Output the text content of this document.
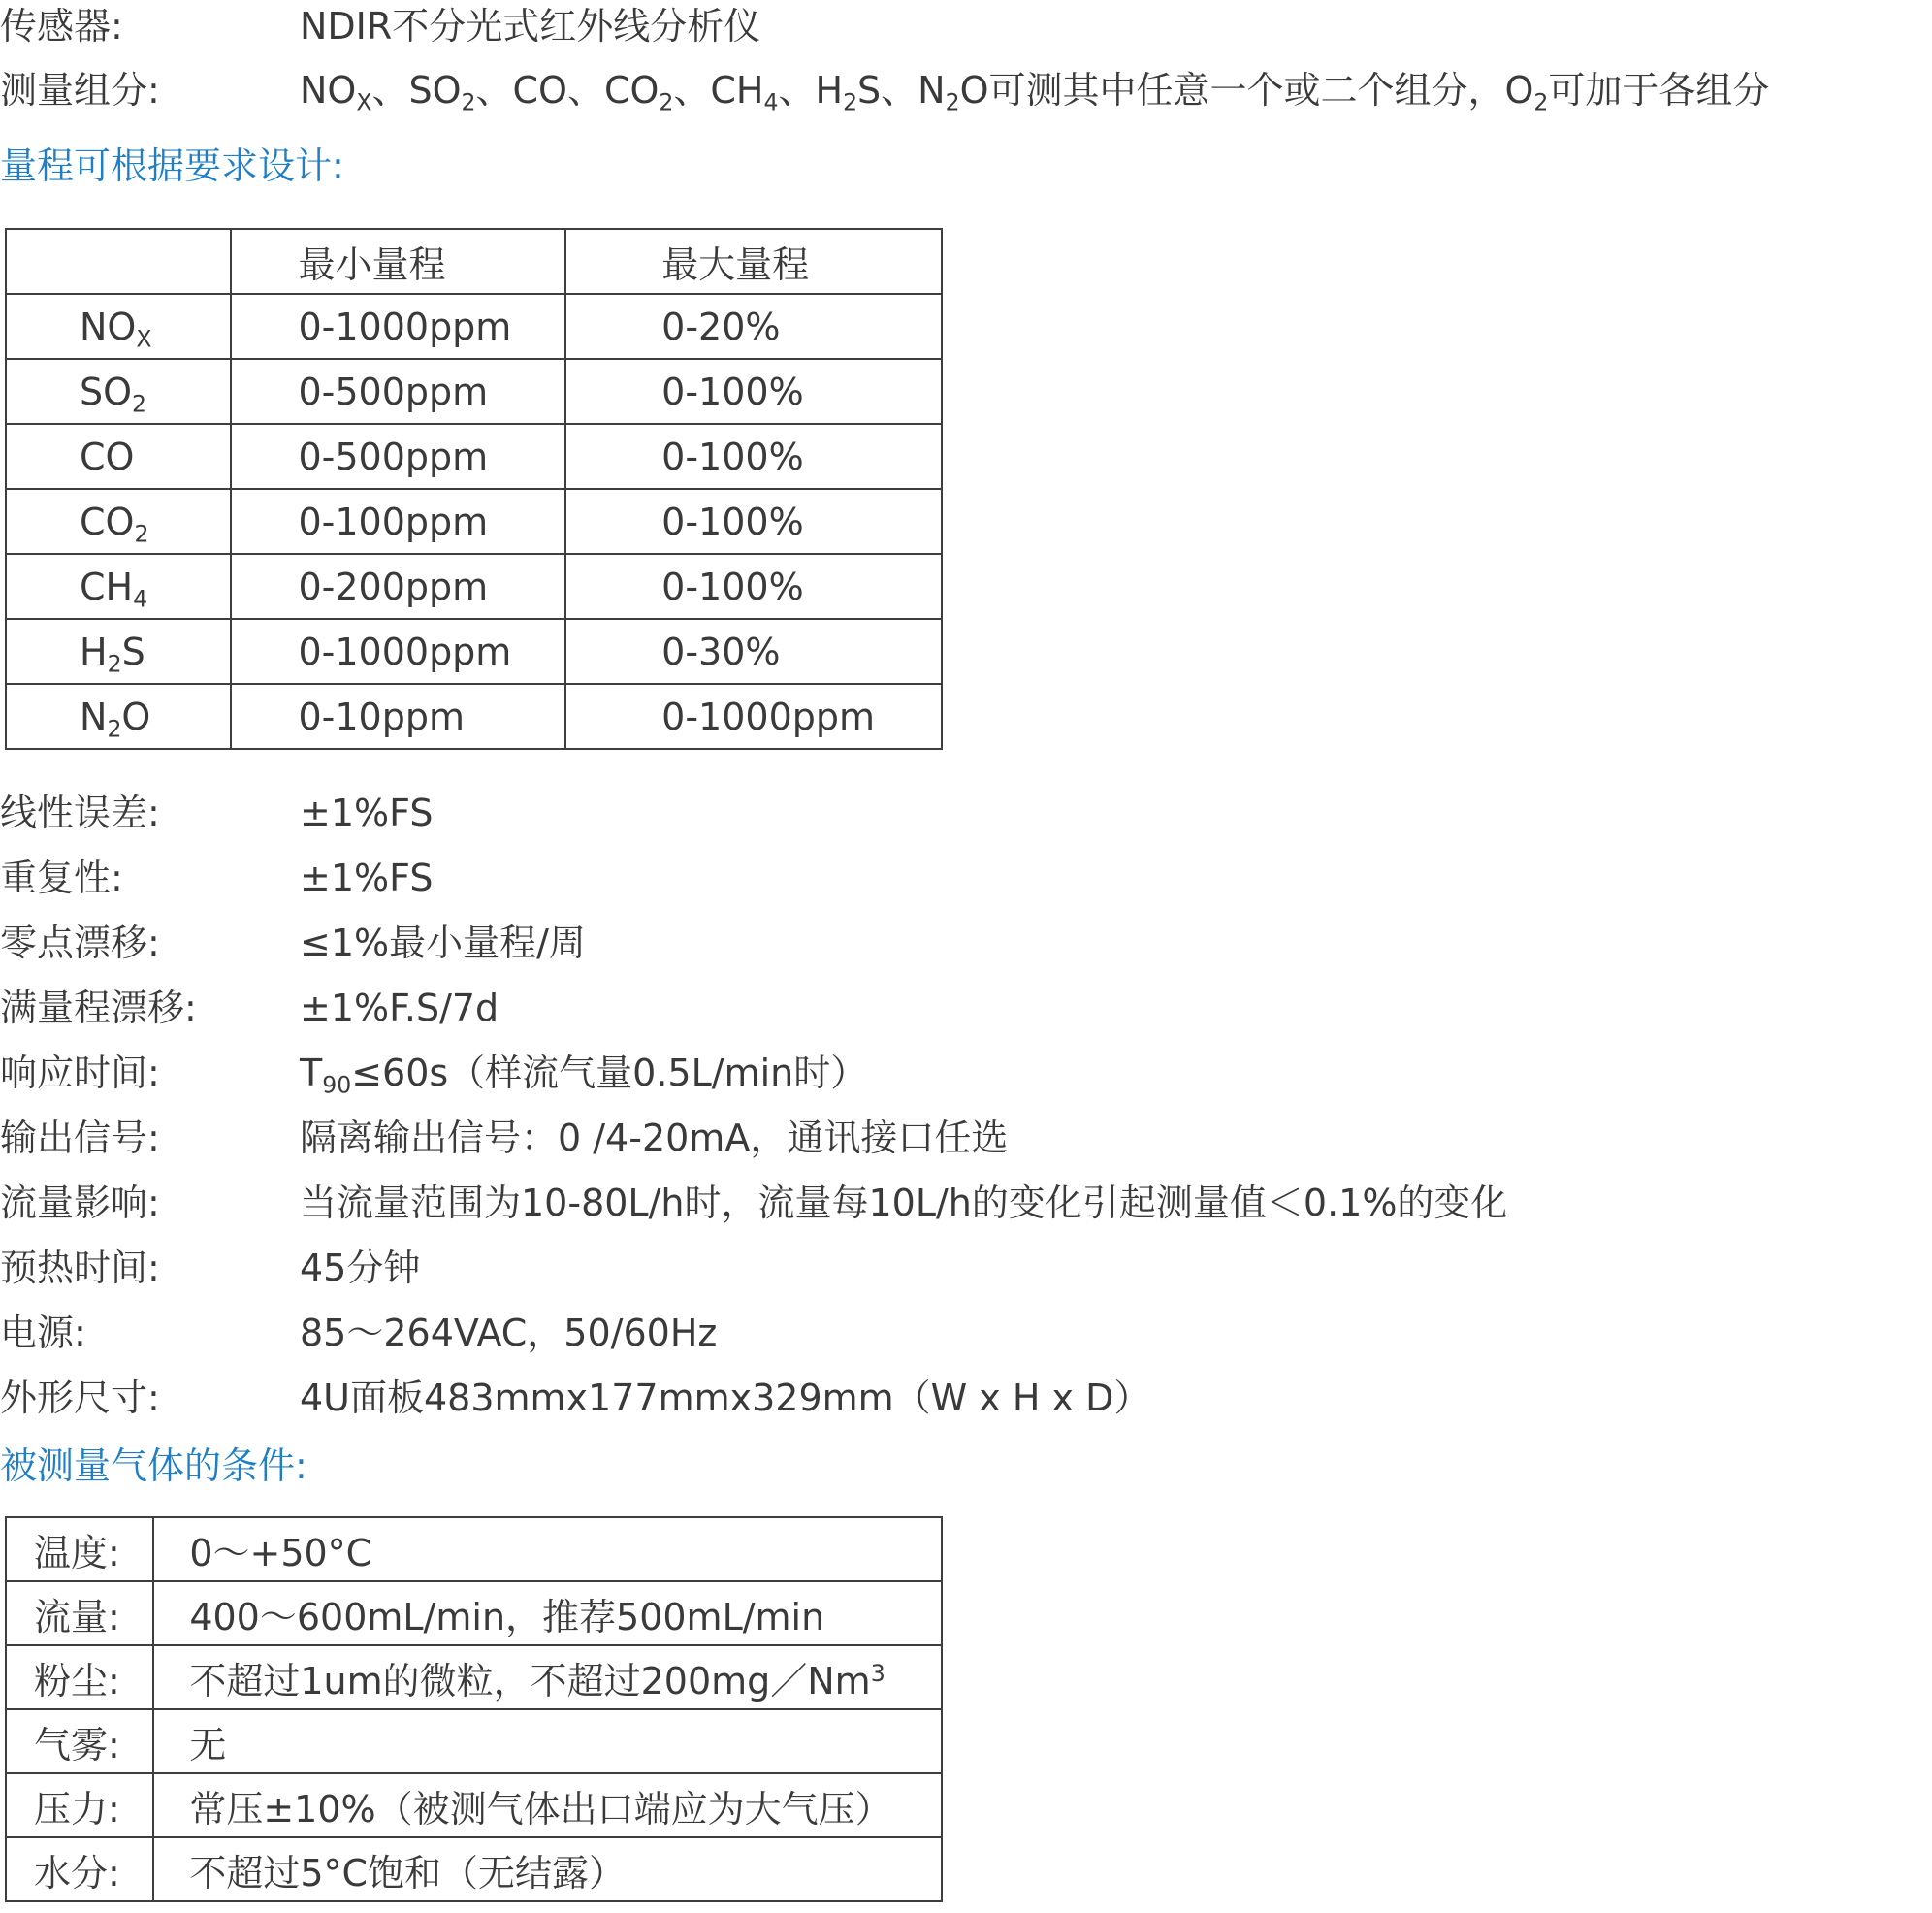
传感器:	NDIR不分光式红外线分析仪
测量组分:	$NO_X$、$SO_2$、CO、$CO_2$、$CH_4$、$H_2S$、$N_2O$可测其中任意一个或二个组分，$O_2$可加于各组分
量程可根据要求设计:
	最小量程	最大量程
$NO_X$	0-1000ppm	0-20%
$SO_2$	0-500ppm	0-100%
CO	0-500ppm	0-100%
$CO_2$	0-100ppm	0-100%
$CH_4$	0-200ppm	0-100%
$H_2S$	0-1000ppm	0-30%
$N_2O$	0-10ppm	0-1000ppm
线性误差:	±1%FS
重复性:	±1%FS
零点漂移:	≤1%最小量程/周
满量程漂移:	±1%F.S/7d
响应时间:	$T_{90}\le 60s$（样流气量0.5L/min时）
输出信号:	隔离输出信号：0 /4-20mA，通讯接口任选
流量影响:	当流量范围为10-80L/h时，流量每10L/h的变化引起测量值＜0.1%的变化
预热时间:	45分钟
电源:	85～264VAC，50/60Hz
外形尺寸:	4U面板483mmx177mmx329mm（W x H x D）
被测量气体的条件:
温度:	0～+50°C
流量:	400～600mL/min，推荐500mL/min
粉尘:	不超过1um的微粒，不超过200mg／Nm$^3$
气雾:	无
压力:	常压±10%（被测气体出口端应为大气压）
水分:	不超过5°C饱和（无结露）
